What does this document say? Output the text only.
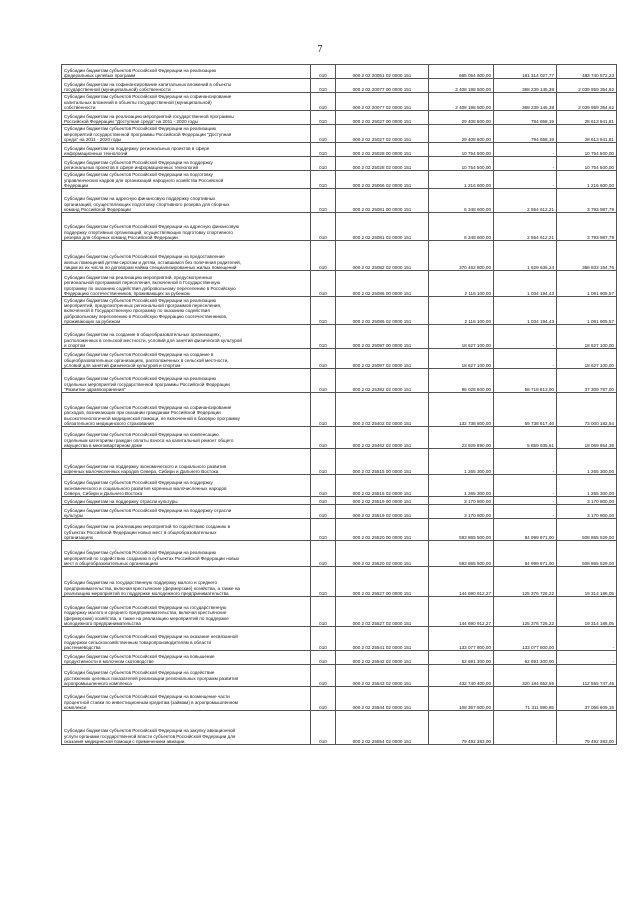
7
Субсидии бюджетам субъектов Российской Федерации на реализацию
федеральных целевых программ	010	000 2 02 20051 02 0000 151	665 054 600,00	181 314 027,77	483 740 572,23

Субсидии бюджетам на софинансирование капитальных вложений в объекты
государственной (муниципальной) собственности	010	000 2 02 20077 00 0000 151	2 408 198 500,00	368 239 145,38	2 039 959 354,62

Субсидии бюджетам субъектов Российской Федерации на софинансирование
капитальных вложений в объекты государственной (муниципальной)
собственности	010	000 2 02 20077 02 0000 151	2 408 198 500,00	368 239 145,38	2 039 959 354,62

Субсидии бюджетам на реализацию мероприятий государственной программы
Российской Федерации "Доступная среда" на 2011 - 2020 годы	010	000 2 02 25027 00 0000 151	29 408 600,00	794 658,19	28 613 941,81

Субсидии бюджетам субъектов Российской Федерации на реализацию
мероприятий государственной программы Российской Федерации "Доступная
среда" на 2011 - 2020 годы	010	000 2 02 25027 02 0000 151	29 408 600,00	794 658,19	28 613 941,81

Субсидии бюджетам на поддержку региональных проектов в сфере
информационных технологий	010	000 2 02 25028 00 0000 151	10 754 500,00	-	10 754 500,00

Субсидии бюджетам субъектов Российской Федерации на поддержку
региональных проектов в сфере информационных технологий	010	000 2 02 25028 02 0000 151	10 754 500,00	-	10 754 500,00

Субсидии бюджетам субъектов Российской Федерации на подготовку
управленческих кадров для организаций народного хозяйства Российской
Федерации	010	000 2 02 25066 02 0000 151	1 216 600,00	-	1 216 600,00

Субсидии бюджетам на адресную финансовую поддержку спортивных
организаций, осуществляющих подготовку спортивного резерва для сборных
команд Российской Федерации	010	000 2 02 25081 00 0000 151	6 348 600,00	2 554 612,21	3 793 987,79

Субсидии бюджетам субъектов Российской Федерации на адресную финансовую
поддержку спортивных организаций, осуществляющих подготовку спортивного
резерва для сборных команд Российской Федерации	010	000 2 02 25081 02 0000 151	6 348 600,00	2 554 612,21	3 793 987,79

Субсидии бюджетам субъектов Российской Федерации на предоставление
жилых помещений детям-сиротам и детям, оставшимся без попечения родителей,
лицам из их числа по договорам найма специализированных жилых помещений	010	000 2 02 25082 02 0000 151	370 462 800,00	1 629 635,24	368 833 164,76

Субсидии бюджетам на реализацию мероприятий, предусмотренных
региональной программой переселения, включенной в Государственную
программу по оказанию содействия добровольному переселению в Российскую
Федерацию соотечественников, проживающих за рубежом	010	000 2 02 25086 00 0000 151	2 116 100,00	1 034 194,43	1 081 905,57

Субсидии бюджетам субъектов Российской Федерации на реализацию
мероприятий, предусмотренных региональной программой переселения,
включенной в Государственную программу по оказанию содействия
добровольному переселению в Российскую Федерацию соотечественников,
проживающих за рубежом	010	000 2 02 25086 02 0000 151	2 116 100,00	1 034 194,43	1 081 905,57

Субсидии бюджетам на создание в общеобразовательных организациях,
расположенных в сельской местности, условий для занятий физической культурой
и спортом	010	000 2 02 25097 00 0000 151	18 627 100,00	-	18 627 100,00

Субсидии бюджетам субъектов Российской Федерации на создание в
общеобразовательных организациях, расположенных в сельской местности,
условий для занятий физической культурой и спортом	010	000 2 02 25097 02 0000 151	18 627 100,00	-	18 627 100,00

Субсидии бюджетам субъектов Российской Федерации на реализацию
отдельных мероприятий государственной программы Российской Федерации
"Развитие здравоохранения"	010	000 2 02 25382 02 0000 151	96 028 600,00	58 718 813,00	37 309 787,00

Субсидии бюджетам субъектов Российской Федерации на софинансирование
расходов, возникающих при оказании гражданам Российской Федерации
высокотехнологичной медицинской помощи, не включенной в базовую программу
обязательного медицинского страхования	010	000 2 02 25402 02 0000 151	132 738 800,00	59 738 617,46	73 000 182,54

Субсидии бюджетам субъектов Российской Федерации на компенсацию
отдельным категориям граждан оплаты взноса на капитальный ремонт общего
имущества в многоквартирном доме	010	000 2 02 25462 02 0000 151	23 929 890,00	5 859 935,61	18 069 954,39

Субсидии бюджетам на поддержку экономического и социального развития
коренных малочисленных народов Севера, Сибири и Дальнего Востока	010	000 2 02 25515 00 0000 151	1 265 300,00	-	1 265 300,00

Субсидии бюджетам субъектов Российской Федерации на поддержку
экономического и социального развития коренных малочисленных народов
Севера, Сибири и Дальнего Востока	010	000 2 02 25515 02 0000 151	1 265 300,00	-	1 265 300,00

Субсидии бюджетам на поддержку отрасли культуры	010	000 2 02 25519 00 0000 151	3 170 800,00	-	3 170 800,00

Субсидии бюджетам субъектов Российской Федерации на поддержку отрасли
культуры	010	000 2 02 25519 02 0000 151	3 170 800,00	-	3 170 800,00

Субсидии бюджетам на реализацию мероприятий по содействию созданию в
субъектах Российской Федерации новых мест в общеобразовательных
организациях	010	000 2 02 25520 00 0000 151	593 865 500,00	84 999 971,00	508 865 529,00

Субсидии бюджетам субъектов Российской Федерации на реализацию
мероприятий по содействию созданию в субъектах Российской Федерации новых
мест в общеобразовательных организациях	010	000 2 02 25520 02 0000 151	593 865 500,00	84 999 971,00	508 865 529,00

Субсидии бюджетам на государственную поддержку малого и среднего
предпринимательства, включая крестьянские (фермерские) хозяйства, а также на
реализацию мероприятий по поддержке молодежного предпринимательства	010	000 2 02 25527 00 0000 151	144 690 912,27	125 376 726,22	19 314 186,05

Субсидии бюджетам субъектов Российской Федерации на государственную
поддержку малого и среднего предпринимательства, включая крестьянские
(фермерские) хозяйства, а также на реализацию мероприятий по поддержке
молодежного предпринимательства	010	000 2 02 25527 02 0000 151	144 690 912,27	125 376 726,22	19 314 186,05

Субсидии бюджетам субъектов Российской Федерации на оказание несвязанной
поддержки сельскохозяйственным товаропроизводителям в области
растениеводства	010	000 2 02 25541 02 0000 151	133 077 800,00	133 077 800,00	-

Субсидии бюджетам субъектов Российской Федерации на повышение
продуктивности в молочном скотоводстве	010	000 2 02 25542 02 0000 151	62 691 300,00	62 691 300,00	-

Субсидии бюджетам субъектов Российской Федерации на содействие
достижению целевых показателей реализации региональных программ развития
агропромышленного комплекса	010	000 2 02 25543 02 0000 151	432 740 400,00	320 184 652,55	112 555 747,45

Субсидии бюджетам субъектов Российской Федерации на возмещение части
процентной ставки по инвестиционным кредитам (займам) в агропромышленном
комплексе	010	000 2 02 25544 02 0000 151	108 367 500,00	71 311 890,85	37 055 609,15

Субсидии бюджетам субъектов Российской Федерации на закупку авиационной
услуги органами государственной власти субъектов Российской Федерации для
оказания медицинской помощи с применением авиации	010	000 2 02 25554 02 0000 151	79 492 383,00	-	79 492 383,00
